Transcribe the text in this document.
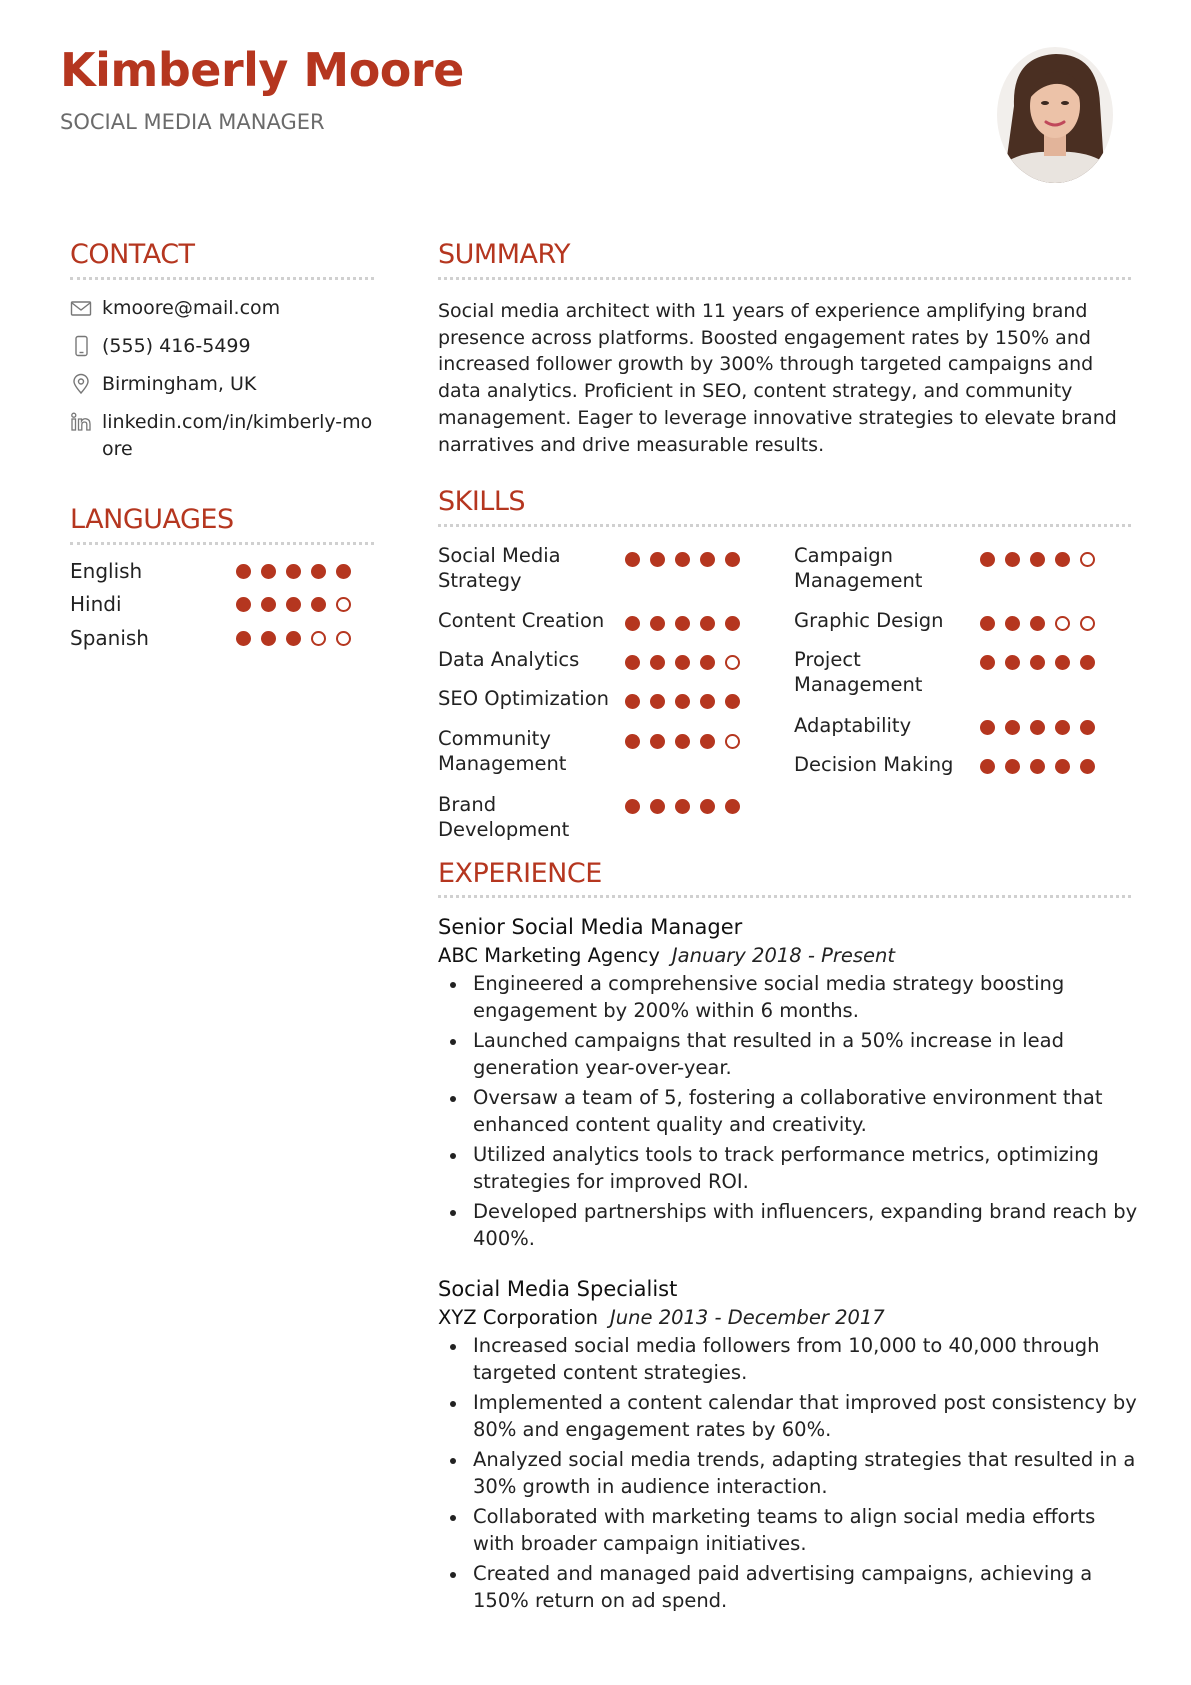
Kimberly Moore
SOCIAL MEDIA MANAGER
CONTACT
kmoore@mail.com
(555) 416-5499
Birmingham, UK
linkedin.com/in/kimberly-moore
LANGUAGES
English
Hindi
Spanish
SUMMARY

Social media architect with 11 years of experience amplifying brand presence across platforms. Boosted engagement rates by 150% and increased follower growth by 300% through targeted campaigns and data analytics. Proficient in SEO, content strategy, and community management. Eager to leverage innovative strategies to elevate brand narratives and drive measurable results.

SKILLS
Social Media Strategy
Content Creation
Data Analytics
SEO Optimization
Community Management
Brand Development
Campaign Management
Graphic Design
Project Management
Adaptability
Decision Making
EXPERIENCE
Senior Social Media Manager
ABC Marketing Agency January 2018 - Present
Engineered a comprehensive social media strategy boosting engagement by 200% within 6 months.
Launched campaigns that resulted in a 50% increase in lead generation year-over-year.
Oversaw a team of 5, fostering a collaborative environment that enhanced content quality and creativity.
Utilized analytics tools to track performance metrics, optimizing strategies for improved ROI.
Developed partnerships with influencers, expanding brand reach by 400%.
Social Media Specialist
XYZ Corporation June 2013 - December 2017
Increased social media followers from 10,000 to 40,000 through targeted content strategies.
Implemented a content calendar that improved post consistency by 80% and engagement rates by 60%.
Analyzed social media trends, adapting strategies that resulted in a 30% growth in audience interaction.
Collaborated with marketing teams to align social media efforts with broader campaign initiatives.
Created and managed paid advertising campaigns, achieving a 150% return on ad spend.
